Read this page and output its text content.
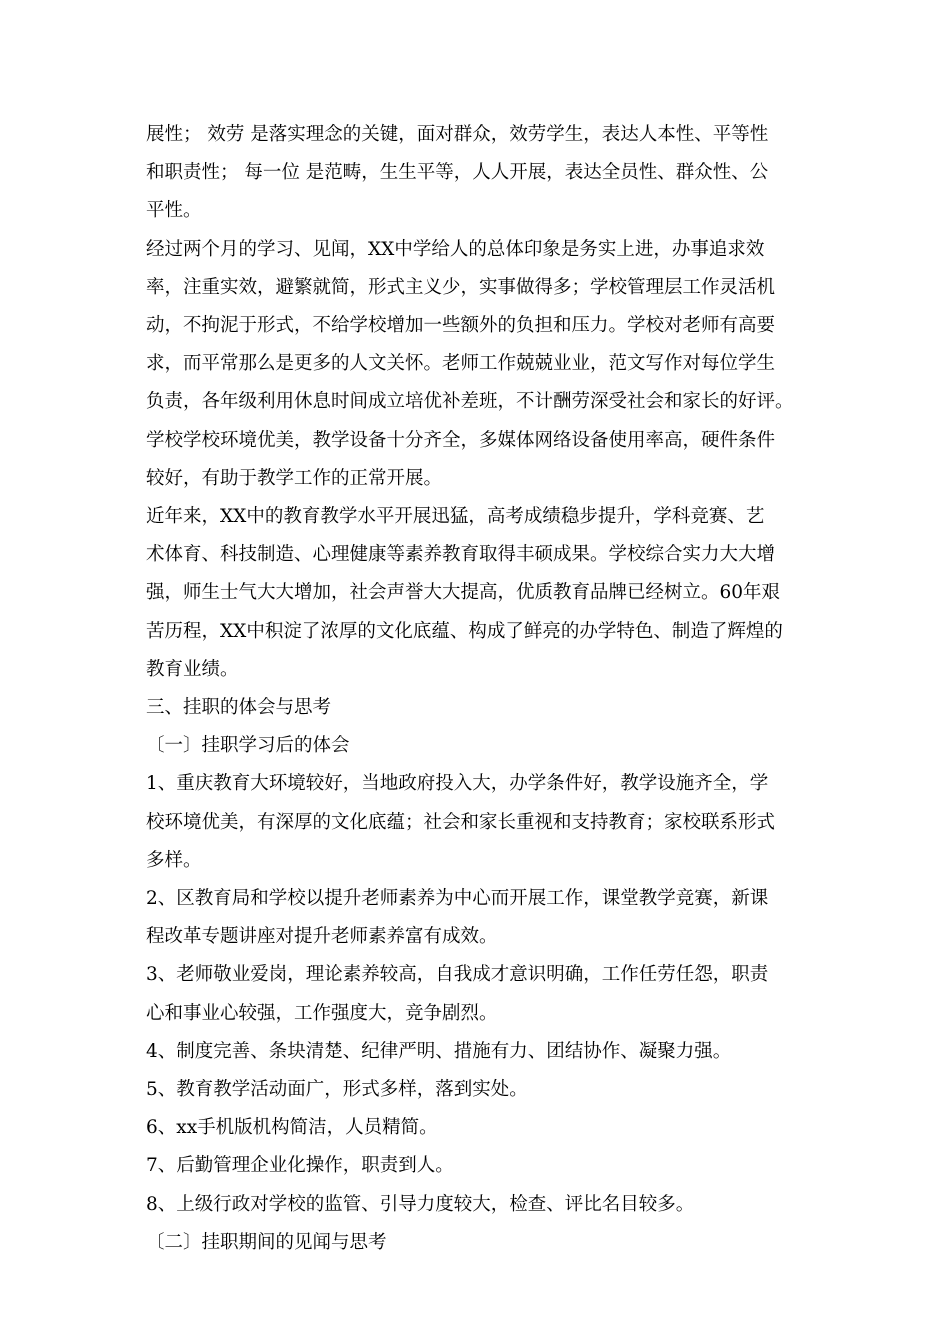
展性； 效劳 是落实理念的关键，面对群众，效劳学生，表达人本性、平等性
和职责性； 每一位 是范畴，生生平等，人人开展，表达全员性、群众性、公
平性。
经过两个月的学习、见闻，XX中学给人的总体印象是务实上进，办事追求效
率，注重实效，避繁就简，形式主义少，实事做得多；学校管理层工作灵活机
动，不拘泥于形式，不给学校增加一些额外的负担和压力。学校对老师有高要
求，而平常那么是更多的人文关怀。老师工作兢兢业业，范文写作对每位学生
负责，各年级利用休息时间成立培优补差班，不计酬劳深受社会和家长的好评。
学校学校环境优美，教学设备十分齐全，多媒体网络设备使用率高，硬件条件
较好，有助于教学工作的正常开展。
近年来，XX中的教育教学水平开展迅猛，高考成绩稳步提升，学科竞赛、艺
术体育、科技制造、心理健康等素养教育取得丰硕成果。学校综合实力大大增
强，师生士气大大增加，社会声誉大大提高，优质教育品牌已经树立。60年艰
苦历程，XX中积淀了浓厚的文化底蕴、构成了鲜亮的办学特色、制造了辉煌的
教育业绩。
三、挂职的体会与思考
〔一〕挂职学习后的体会
1、重庆教育大环境较好，当地政府投入大，办学条件好，教学设施齐全，学
校环境优美，有深厚的文化底蕴；社会和家长重视和支持教育；家校联系形式
多样。
2、区教育局和学校以提升老师素养为中心而开展工作，课堂教学竞赛，新课
程改革专题讲座对提升老师素养富有成效。
3、老师敬业爱岗，理论素养较高，自我成才意识明确，工作任劳任怨，职责
心和事业心较强，工作强度大，竞争剧烈。
4、制度完善、条块清楚、纪律严明、措施有力、团结协作、凝聚力强。
5、教育教学活动面广，形式多样，落到实处。
6、xx手机版机构简洁，人员精简。
7、后勤管理企业化操作，职责到人。
8、上级行政对学校的监管、引导力度较大，检查、评比名目较多。
〔二〕挂职期间的见闻与思考
